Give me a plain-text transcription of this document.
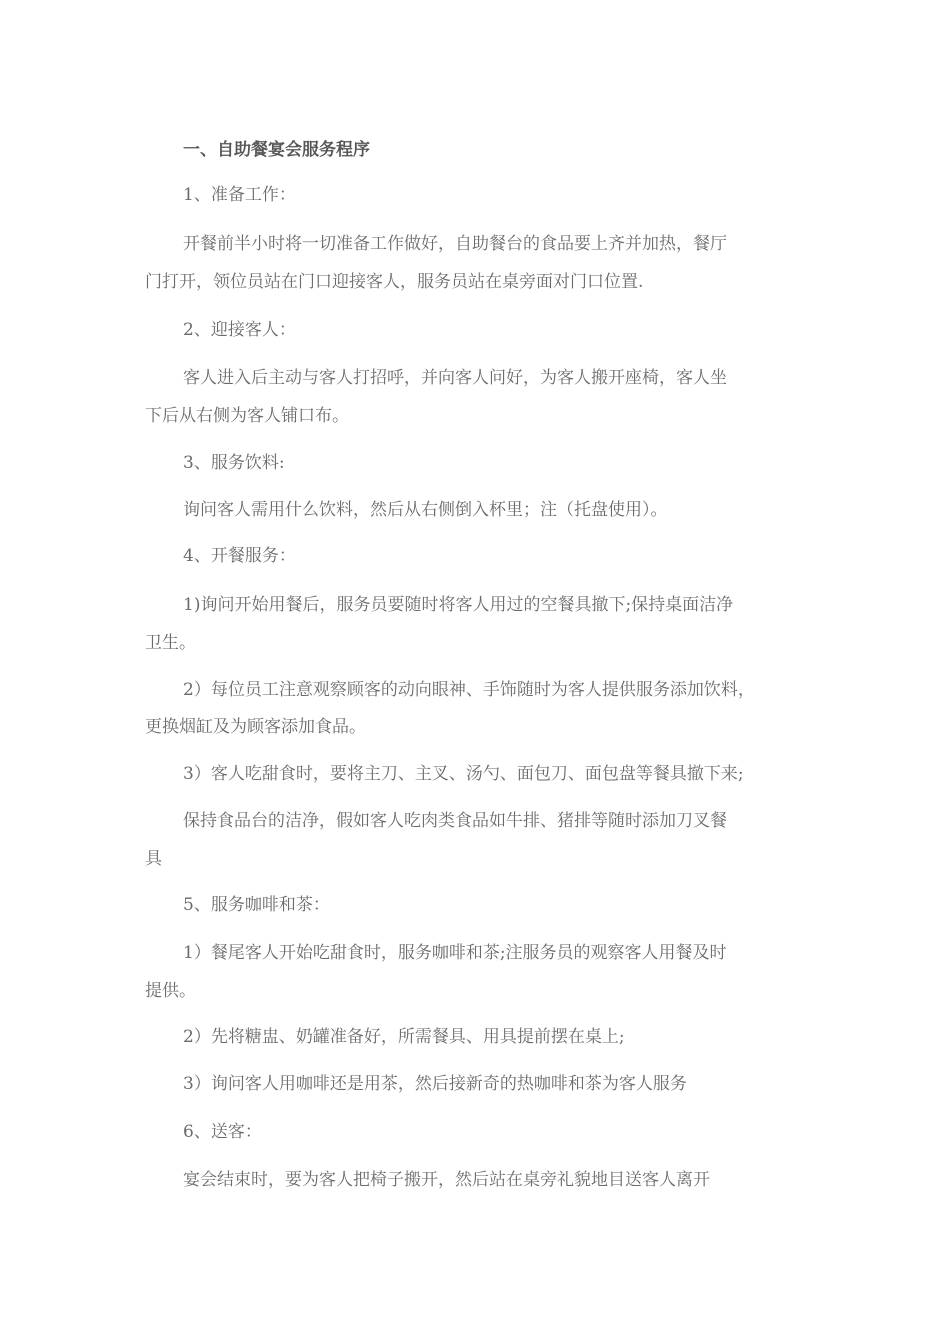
一、自助餐宴会服务程序
1、准备工作：
开餐前半小时将一切准备工作做好，自助餐台的食品要上齐并加热，餐厅
门打开，领位员站在门口迎接客人，服务员站在桌旁面对门口位置.
2、迎接客人：
客人进入后主动与客人打招呼，并向客人问好，为客人搬开座椅，客人坐
下后从右侧为客人铺口布。
3、服务饮料:
询问客人需用什么饮料，然后从右侧倒入杯里；注（托盘使用）。
4、开餐服务：
1)询问开始用餐后，服务员要随时将客人用过的空餐具撤下;保持桌面洁净
卫生。
2）每位员工注意观察顾客的动向眼神、手饰随时为客人提供服务添加饮料，
更换烟缸及为顾客添加食品。
3）客人吃甜食时，要将主刀、主叉、汤勺、面包刀、面包盘等餐具撤下来;
保持食品台的洁净，假如客人吃肉类食品如牛排、猪排等随时添加刀叉餐
具
5、服务咖啡和茶：
1）餐尾客人开始吃甜食时，服务咖啡和茶;注服务员的观察客人用餐及时
提供。
2）先将糖盅、奶罐准备好，所需餐具、用具提前摆在桌上;
3）询问客人用咖啡还是用茶，然后接新奇的热咖啡和茶为客人服务
6、送客：
宴会结束时，要为客人把椅子搬开，然后站在桌旁礼貌地目送客人离开
